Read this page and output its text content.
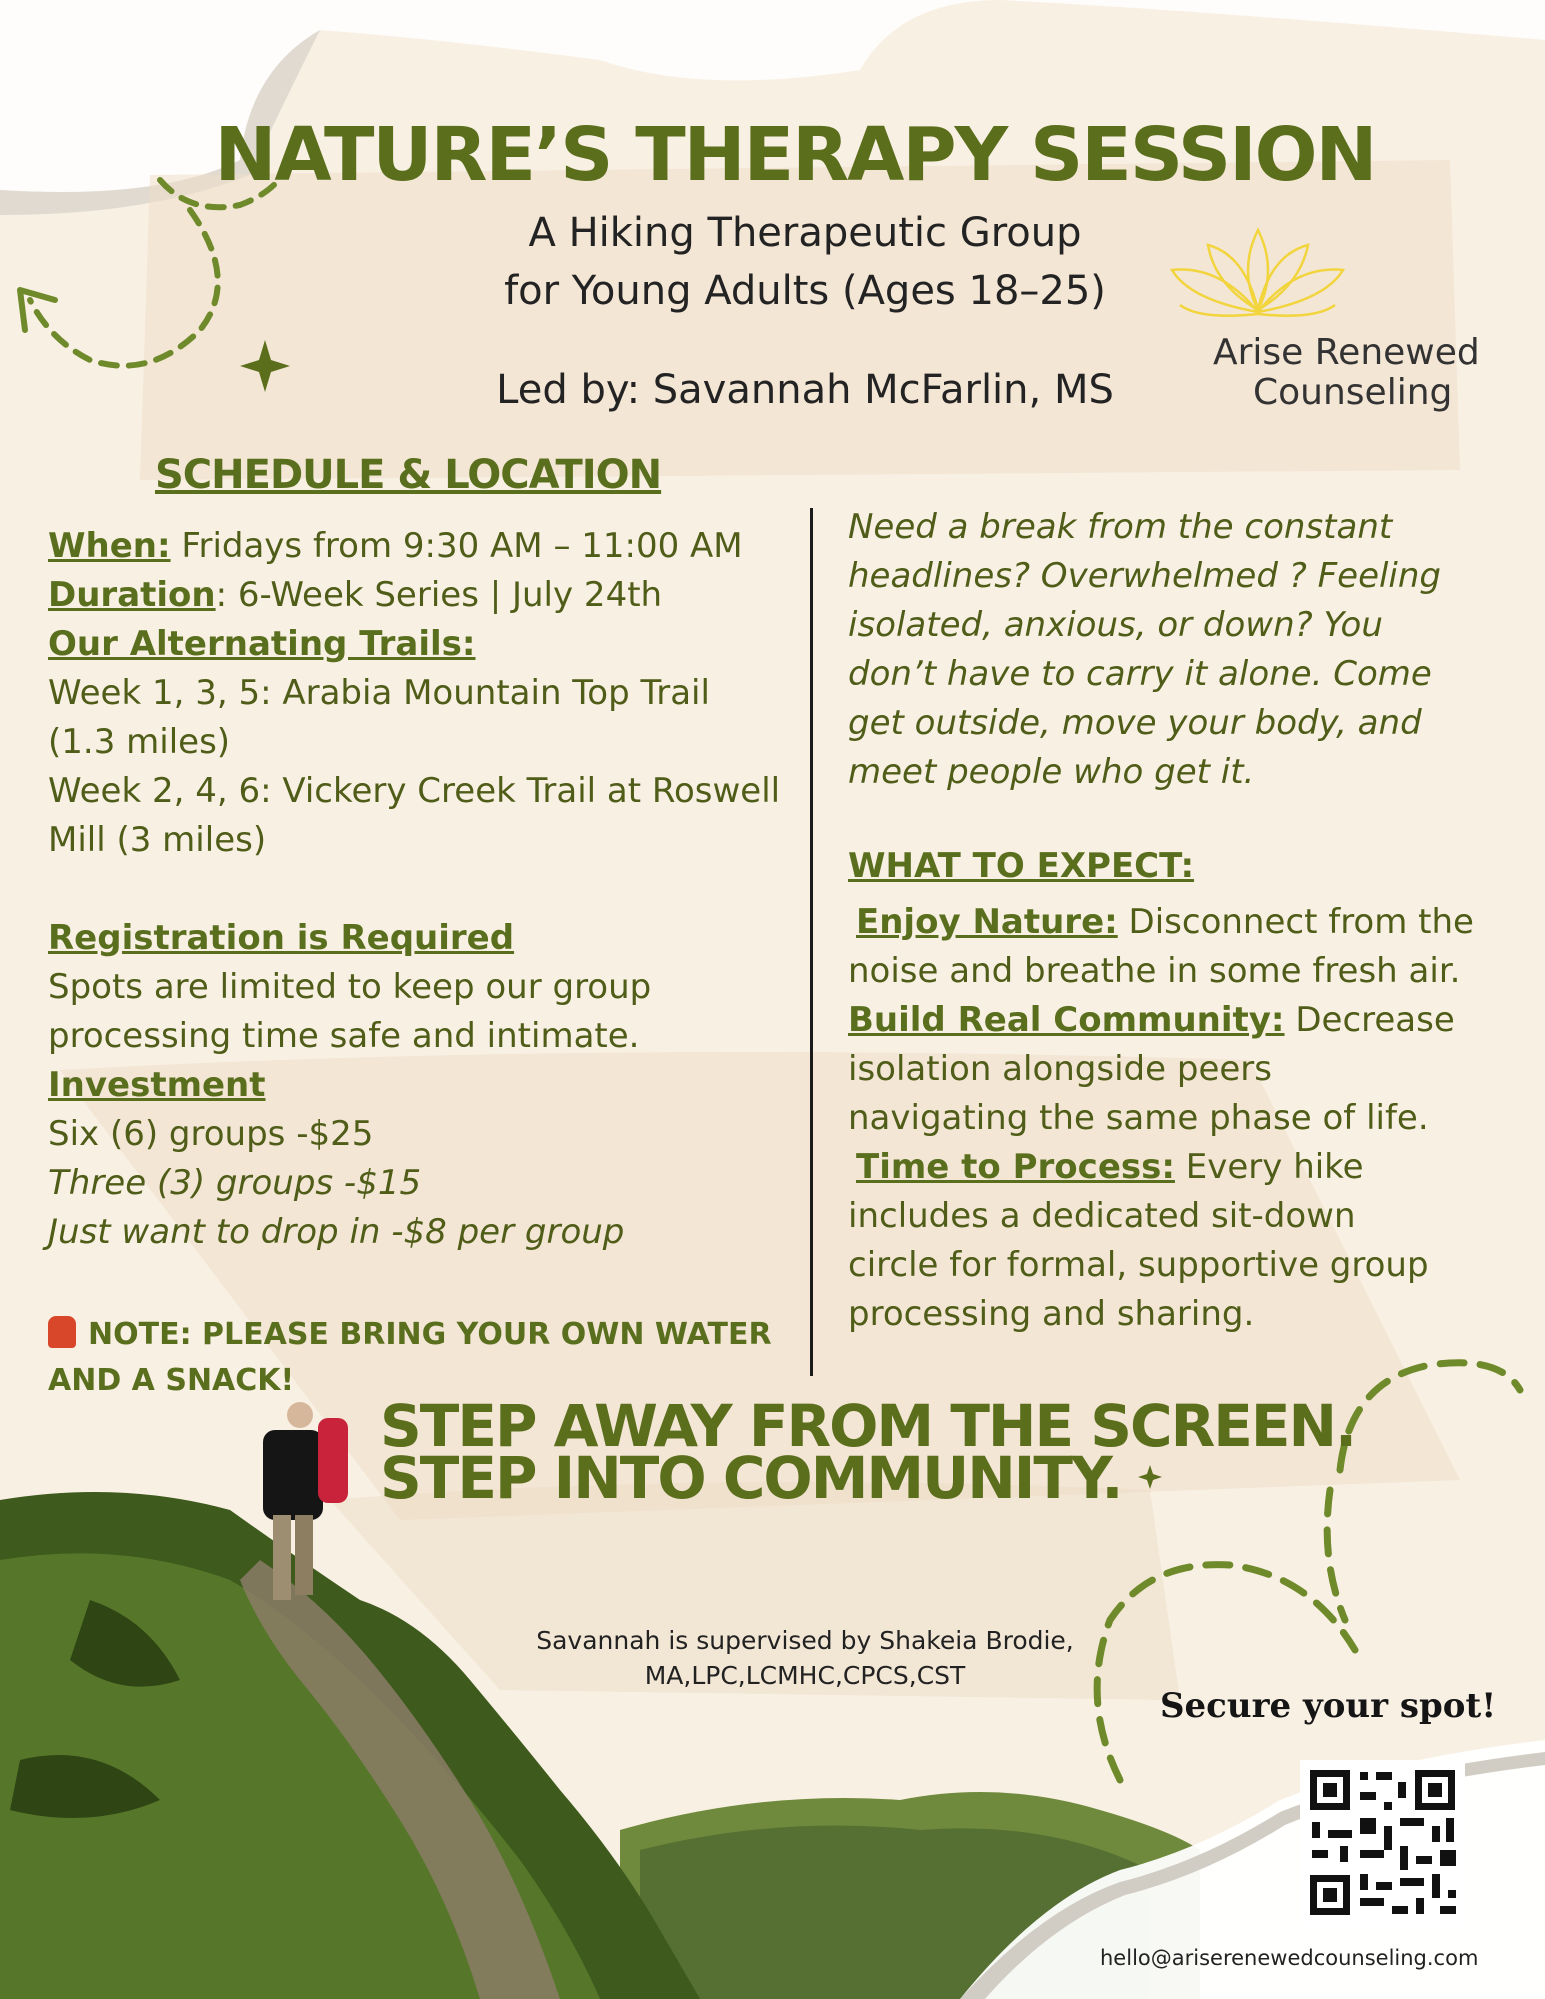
NATURE’S THERAPY SESSION
A Hiking Therapeutic Group
for Young Adults (Ages 18–25)
Led by: Savannah McFarlin, MS
Arise Renewed
Counseling
SCHEDULE & LOCATION
When: Fridays from 9:30 AM – 11:00 AM
Duration: 6-Week Series | July 24th
Our Alternating Trails:
Week 1, 3, 5: Arabia Mountain Top Trail
(1.3 miles)
Week 2, 4, 6: Vickery Creek Trail at Roswell
Mill (3 miles)
Registration is Required
Spots are limited to keep our group
processing time safe and intimate.
Investment
Six (6) groups -$25
Three (3) groups -$15
Just want to drop in -$8 per group
NOTE: PLEASE BRING YOUR OWN WATER
AND A SNACK!
Need a break from the constant
headlines? Overwhelmed ? Feeling
isolated, anxious, or down? You
don’t have to carry it alone. Come
get outside, move your body, and
meet people who get it.
WHAT TO EXPECT:
Enjoy Nature: Disconnect from the
noise and breathe in some fresh air.
Build Real Community: Decrease
isolation alongside peers
navigating the same phase of life.
Time to Process: Every hike
includes a dedicated sit-down
circle for formal, supportive group
processing and sharing.
STEP AWAY FROM THE SCREEN.
STEP INTO COMMUNITY.
Savannah is supervised by Shakeia Brodie,
MA,LPC,LCMHC,CPCS,CST
Secure your spot!
hello@ariserenewedcounseling.com
